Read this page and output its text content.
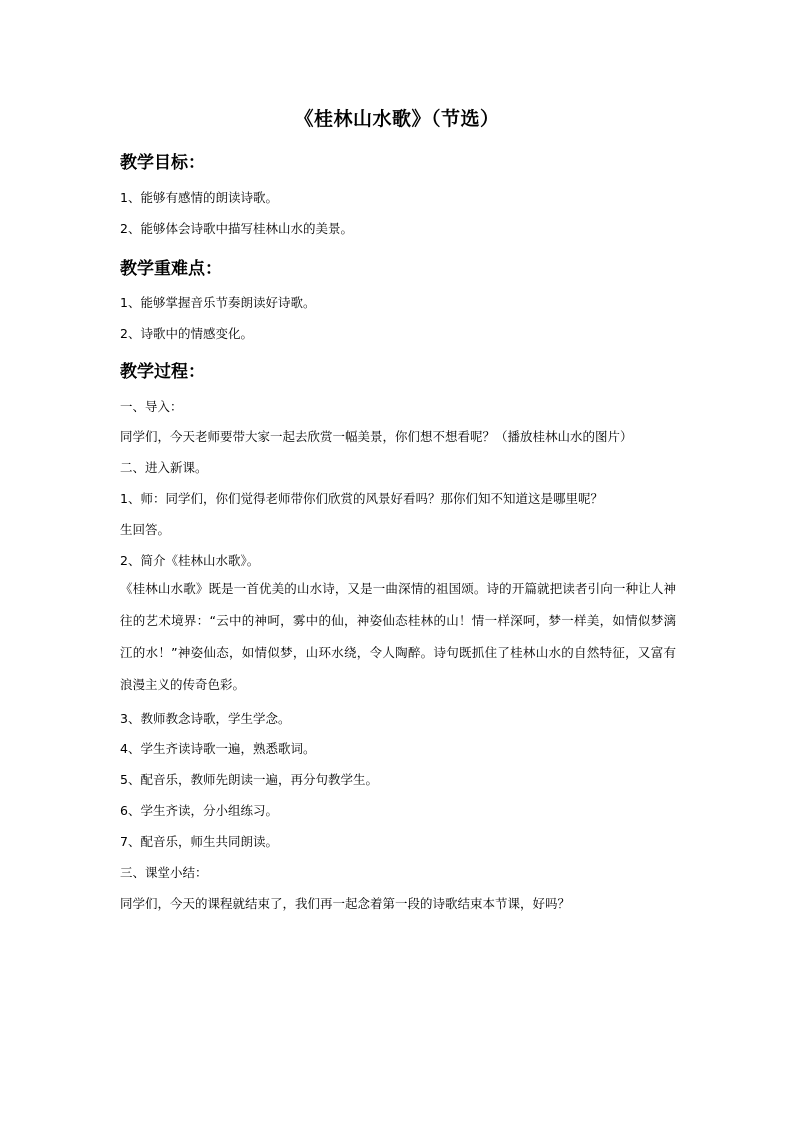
《桂林山水歌》（节选）
教学目标：
1、能够有感情的朗读诗歌。
2、能够体会诗歌中描写桂林山水的美景。
教学重难点：
1、能够掌握音乐节奏朗读好诗歌。
2、诗歌中的情感变化。
教学过程：
一、导入：
同学们，今天老师要带大家一起去欣赏一幅美景，你们想不想看呢？（播放桂林山水的图片）
二、进入新课。
1、师：同学们，你们觉得老师带你们欣赏的风景好看吗？那你们知不知道这是哪里呢？
生回答。
2、简介《桂林山水歌》。
《桂林山水歌》既是一首优美的山水诗，又是一曲深情的祖国颂。诗的开篇就把读者引向一种让人神往的艺术境界：“云中的神呵，雾中的仙，神姿仙态桂林的山！情一样深呵，梦一样美，如情似梦漓江的水！”神姿仙态，如情似梦，山环水绕，令人陶醉。诗句既抓住了桂林山水的自然特征，又富有浪漫主义的传奇色彩。
3、教师教念诗歌，学生学念。
4、学生齐读诗歌一遍，熟悉歌词。
5、配音乐，教师先朗读一遍，再分句教学生。
6、学生齐读，分小组练习。
7、配音乐，师生共同朗读。
三、课堂小结：
同学们，今天的课程就结束了，我们再一起念着第一段的诗歌结束本节课，好吗？
